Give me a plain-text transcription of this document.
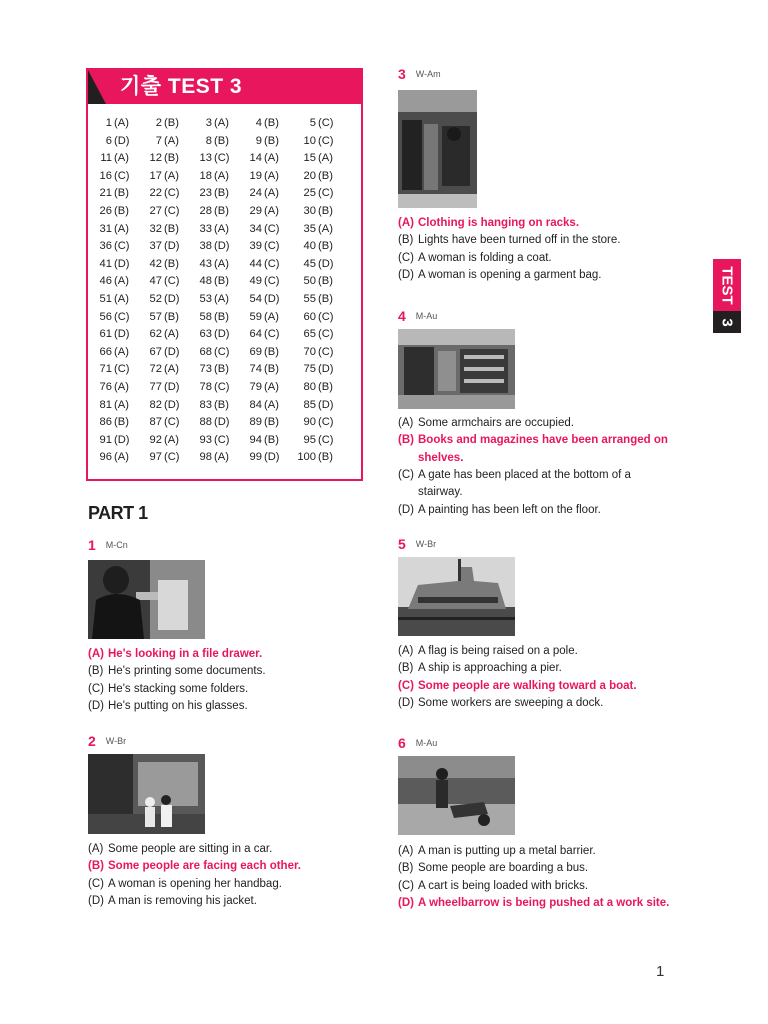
기출 TEST 3
1 (A)	2 (B)	3 (A)	4 (B)	5 (C)
6 (D)	7 (A)	8 (B)	9 (B)	10 (C)
11 (A)	12 (B)	13 (C)	14 (A)	15 (A)
16 (C)	17 (A)	18 (A)	19 (A)	20 (B)
21 (B)	22 (C)	23 (B)	24 (A)	25 (C)
26 (B)	27 (C)	28 (B)	29 (A)	30 (B)
31 (A)	32 (B)	33 (A)	34 (C)	35 (A)
36 (C)	37 (D)	38 (D)	39 (C)	40 (B)
41 (D)	42 (B)	43 (A)	44 (C)	45 (D)
46 (A)	47 (C)	48 (B)	49 (C)	50 (B)
51 (A)	52 (D)	53 (A)	54 (D)	55 (B)
56 (C)	57 (B)	58 (B)	59 (A)	60 (C)
61 (D)	62 (A)	63 (D)	64 (C)	65 (C)
66 (A)	67 (D)	68 (C)	69 (B)	70 (C)
71 (C)	72 (A)	73 (B)	74 (B)	75 (D)
76 (A)	77 (D)	78 (C)	79 (A)	80 (B)
81 (A)	82 (D)	83 (B)	84 (A)	85 (D)
86 (B)	87 (C)	88 (D)	89 (B)	90 (C)
91 (D)	92 (A)	93 (C)	94 (B)	95 (C)
96 (A)	97 (C)	98 (A)	99 (D) 100 (B)
PART 1
1 M-Cn
(A) He's looking in a file drawer.
(B) He's printing some documents.
(C) He's stacking some folders.
(D) He's putting on his glasses.
2 W-Br
(A) Some people are sitting in a car.
(B) Some people are facing each other.
(C) A woman is opening her handbag.
(D) A man is removing his jacket.
3 W-Am
(A) Clothing is hanging on racks.
(B) Lights have been turned off in the store.
(C) A woman is folding a coat.
(D) A woman is opening a garment bag.
4 M-Au
(A) Some armchairs are occupied.
(B) Books and magazines have been arranged on
shelves.
(C) A gate has been placed at the bottom of a
stairway.
(D) A painting has been left on the floor.
5 W-Br
(A) A flag is being raised on a pole.
(B) A ship is approaching a pier.
(C) Some people are walking toward a boat.
(D) Some workers are sweeping a dock.
6 M-Au
(A) A man is putting up a metal barrier.
(B) Some people are boarding a bus.
(C) A cart is being loaded with bricks.
(D) A wheelbarrow is being pushed at a work site.
TEST
3
1
